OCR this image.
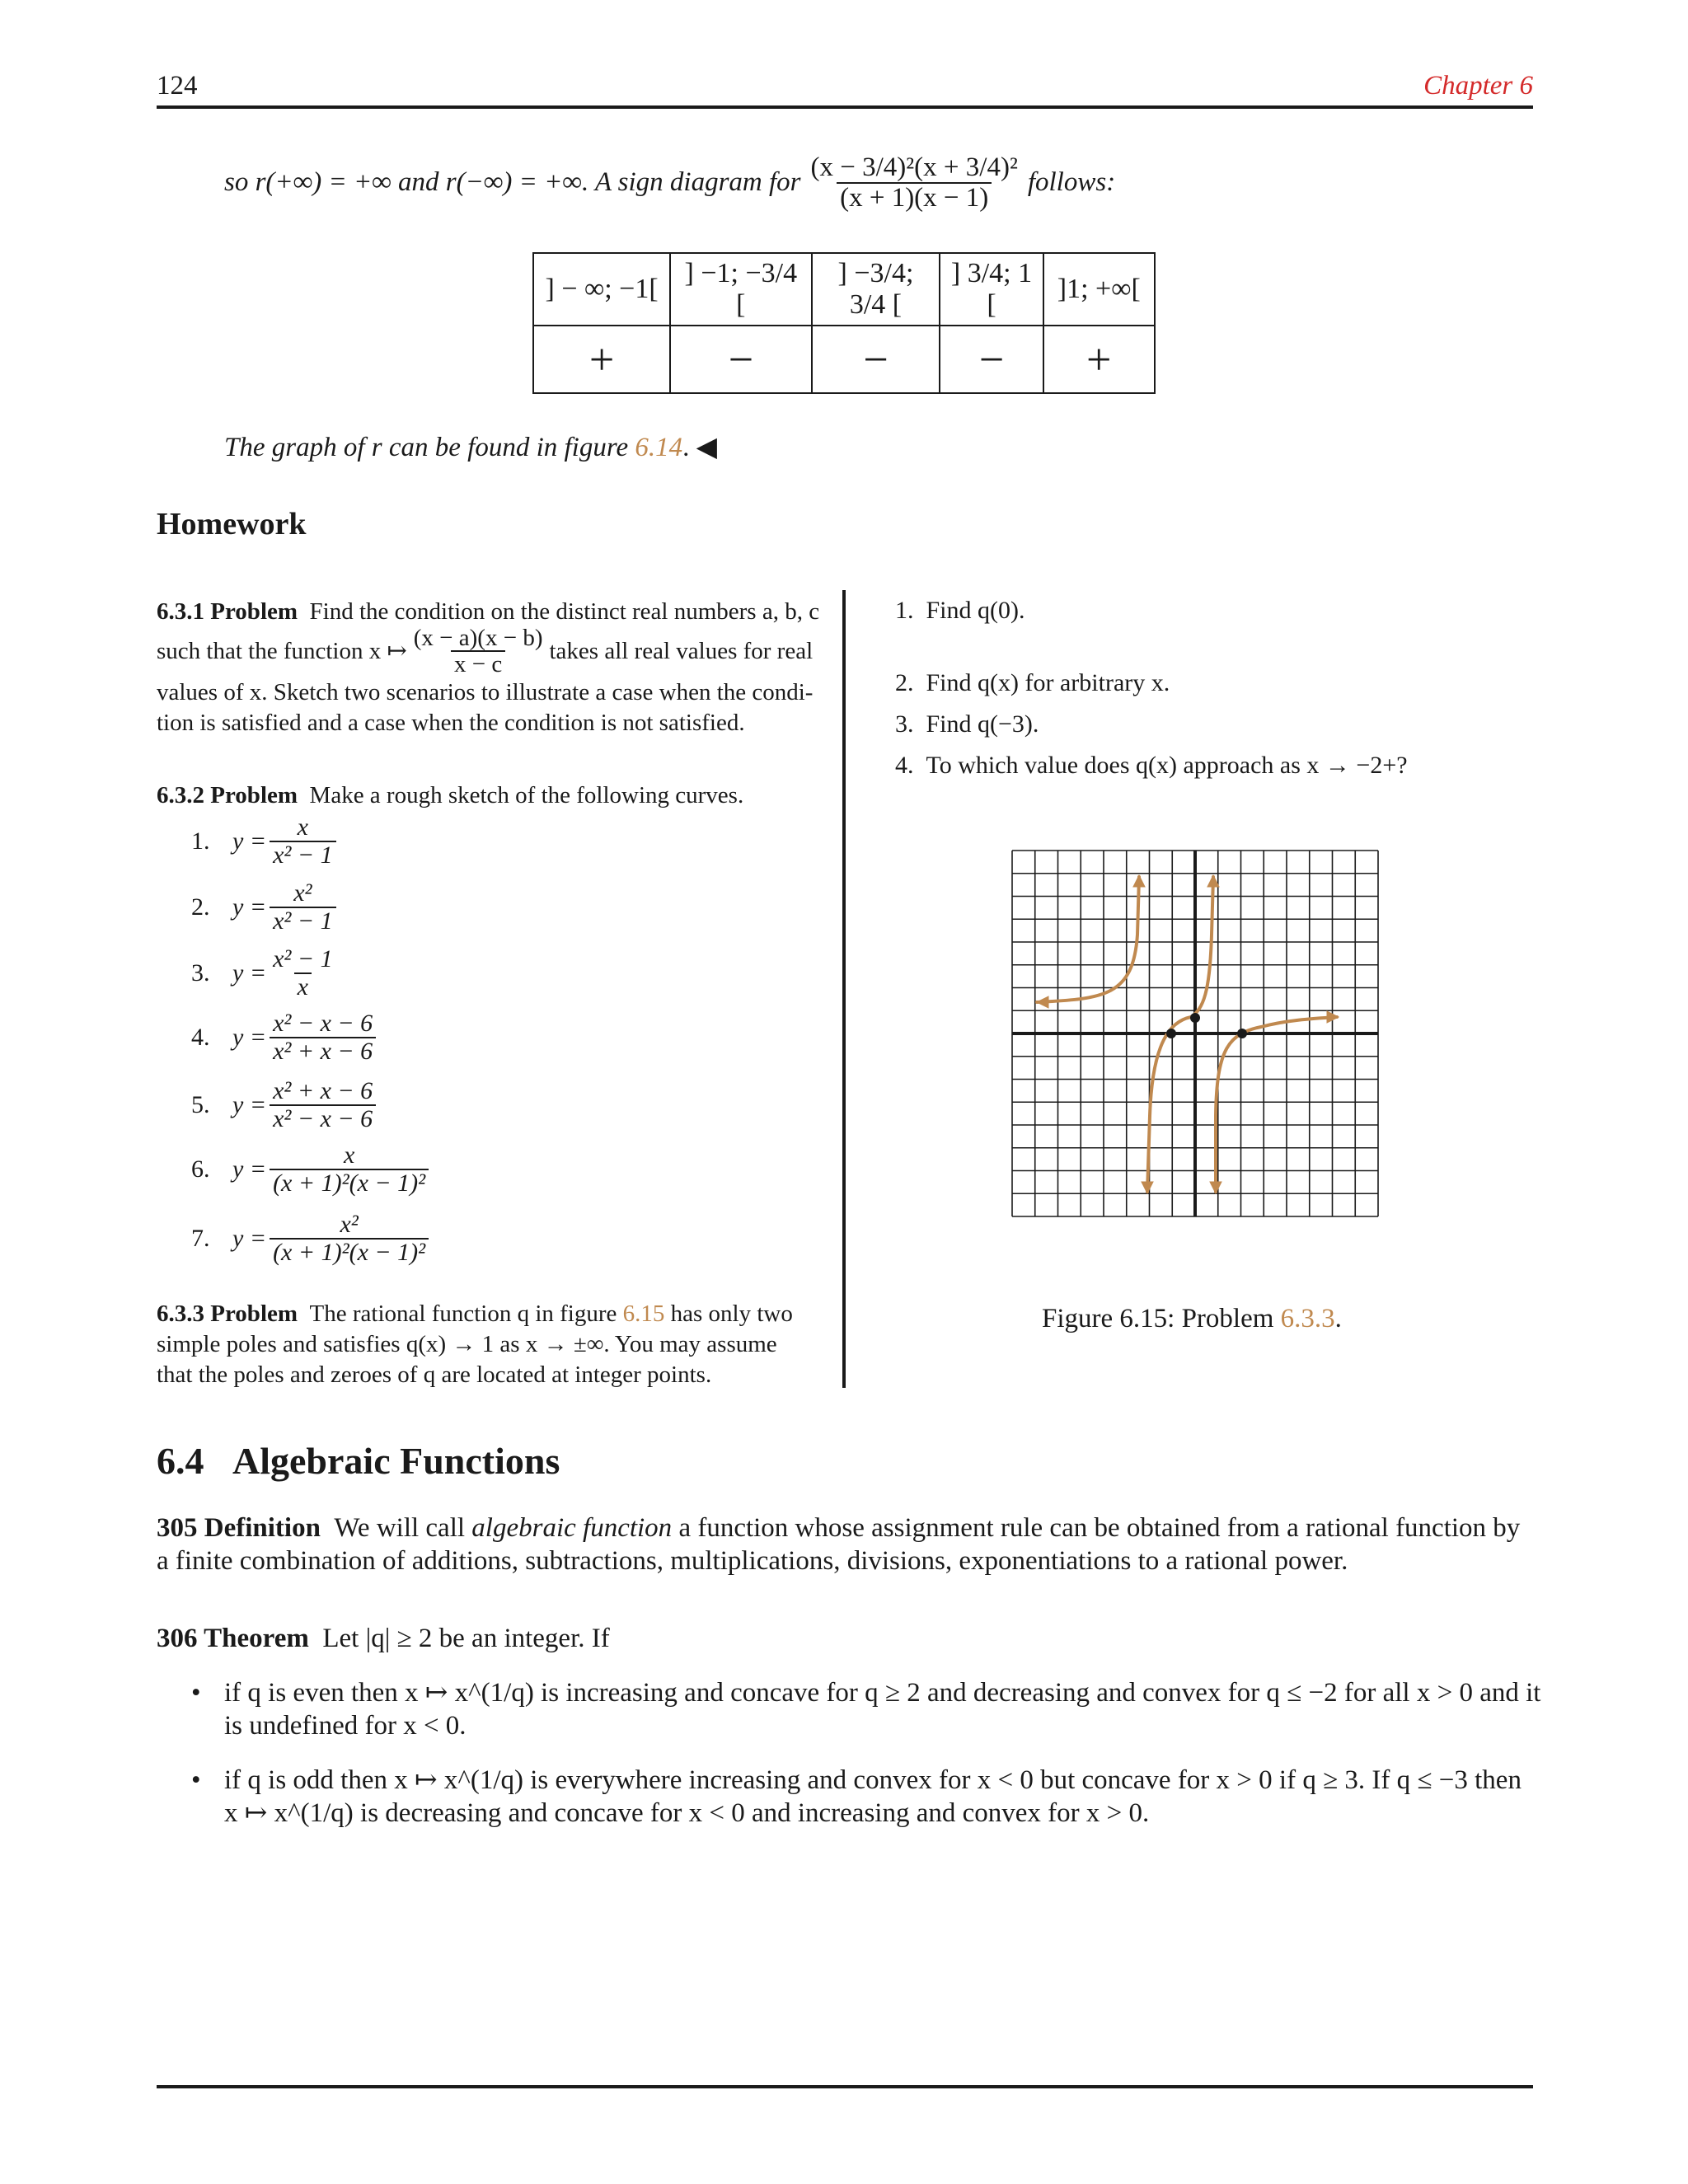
124	Chapter 6
so r(+∞) = +∞ and r(−∞) = +∞. A sign diagram for $\frac{\text{(x − 3/4)²(x + 3/4)²}}{(x + 1)(x - 1)}$ follows:
] − ∞; −1[	] −1; −3/4 [	] −3/4; 3/4 [	] 3/4; 1 [	]1; +∞[
+	−	−	−	+
The graph of r can be found in figure 6.14. ◀
Homework
6.3.1 Problem Find the condition on the distinct real numbers a, b, c
such that the function x ↦ $\frac{(x - a)(x - b)}{x - c}$ takes all real values for real
values of x. Sketch two scenarios to illustrate a case when the condi-
tion is satisfied and a case when the condition is not satisfied.
6.3.2 Problem Make a rough sketch of the following curves.
1. $y = \frac{x}{\text{x² − 1}}$
2. $y = \frac{\text{x²}}{\text{x² − 1}}$
3. $y = \frac{\text{x² − 1}}{x}$
4. $y = \frac{\text{x² − x − 6}}{\text{x² + x − 6}}$
5. $y = \frac{\text{x² + x − 6}}{\text{x² − x − 6}}$
6. $y = \frac{x}{\text{(x + 1)²(x − 1)²}}$
7. $y = \frac{\text{x²}}{\text{(x + 1)²(x − 1)²}}$
6.3.3 Problem The rational function q in figure 6.15 has only two
simple poles and satisfies q(x) → 1 as x → ±∞. You may assume
that the poles and zeroes of q are located at integer points.
1. Find q(0).
2. Find q(x) for arbitrary x.
3. Find q(−3).
4. To which value does q(x) approach as x → −2+?
Figure 6.15: Problem 6.3.3.
6.4 Algebraic Functions
305 Definition We will call algebraic function a function whose assignment rule can be obtained from a rational function by
a finite combination of additions, subtractions, multiplications, divisions, exponentiations to a rational power.
306 Theorem Let |q| ≥ 2 be an integer. If
• if q is even then x ↦ x^(1/q) is increasing and concave for q ≥ 2 and decreasing and convex for q ≤ −2 for all x > 0 and it
is undefined for x < 0.
• if q is odd then x ↦ x^(1/q) is everywhere increasing and convex for x < 0 but concave for x > 0 if q ≥ 3. If q ≤ −3 then
x ↦ x^(1/q) is decreasing and concave for x < 0 and increasing and convex for x > 0.
